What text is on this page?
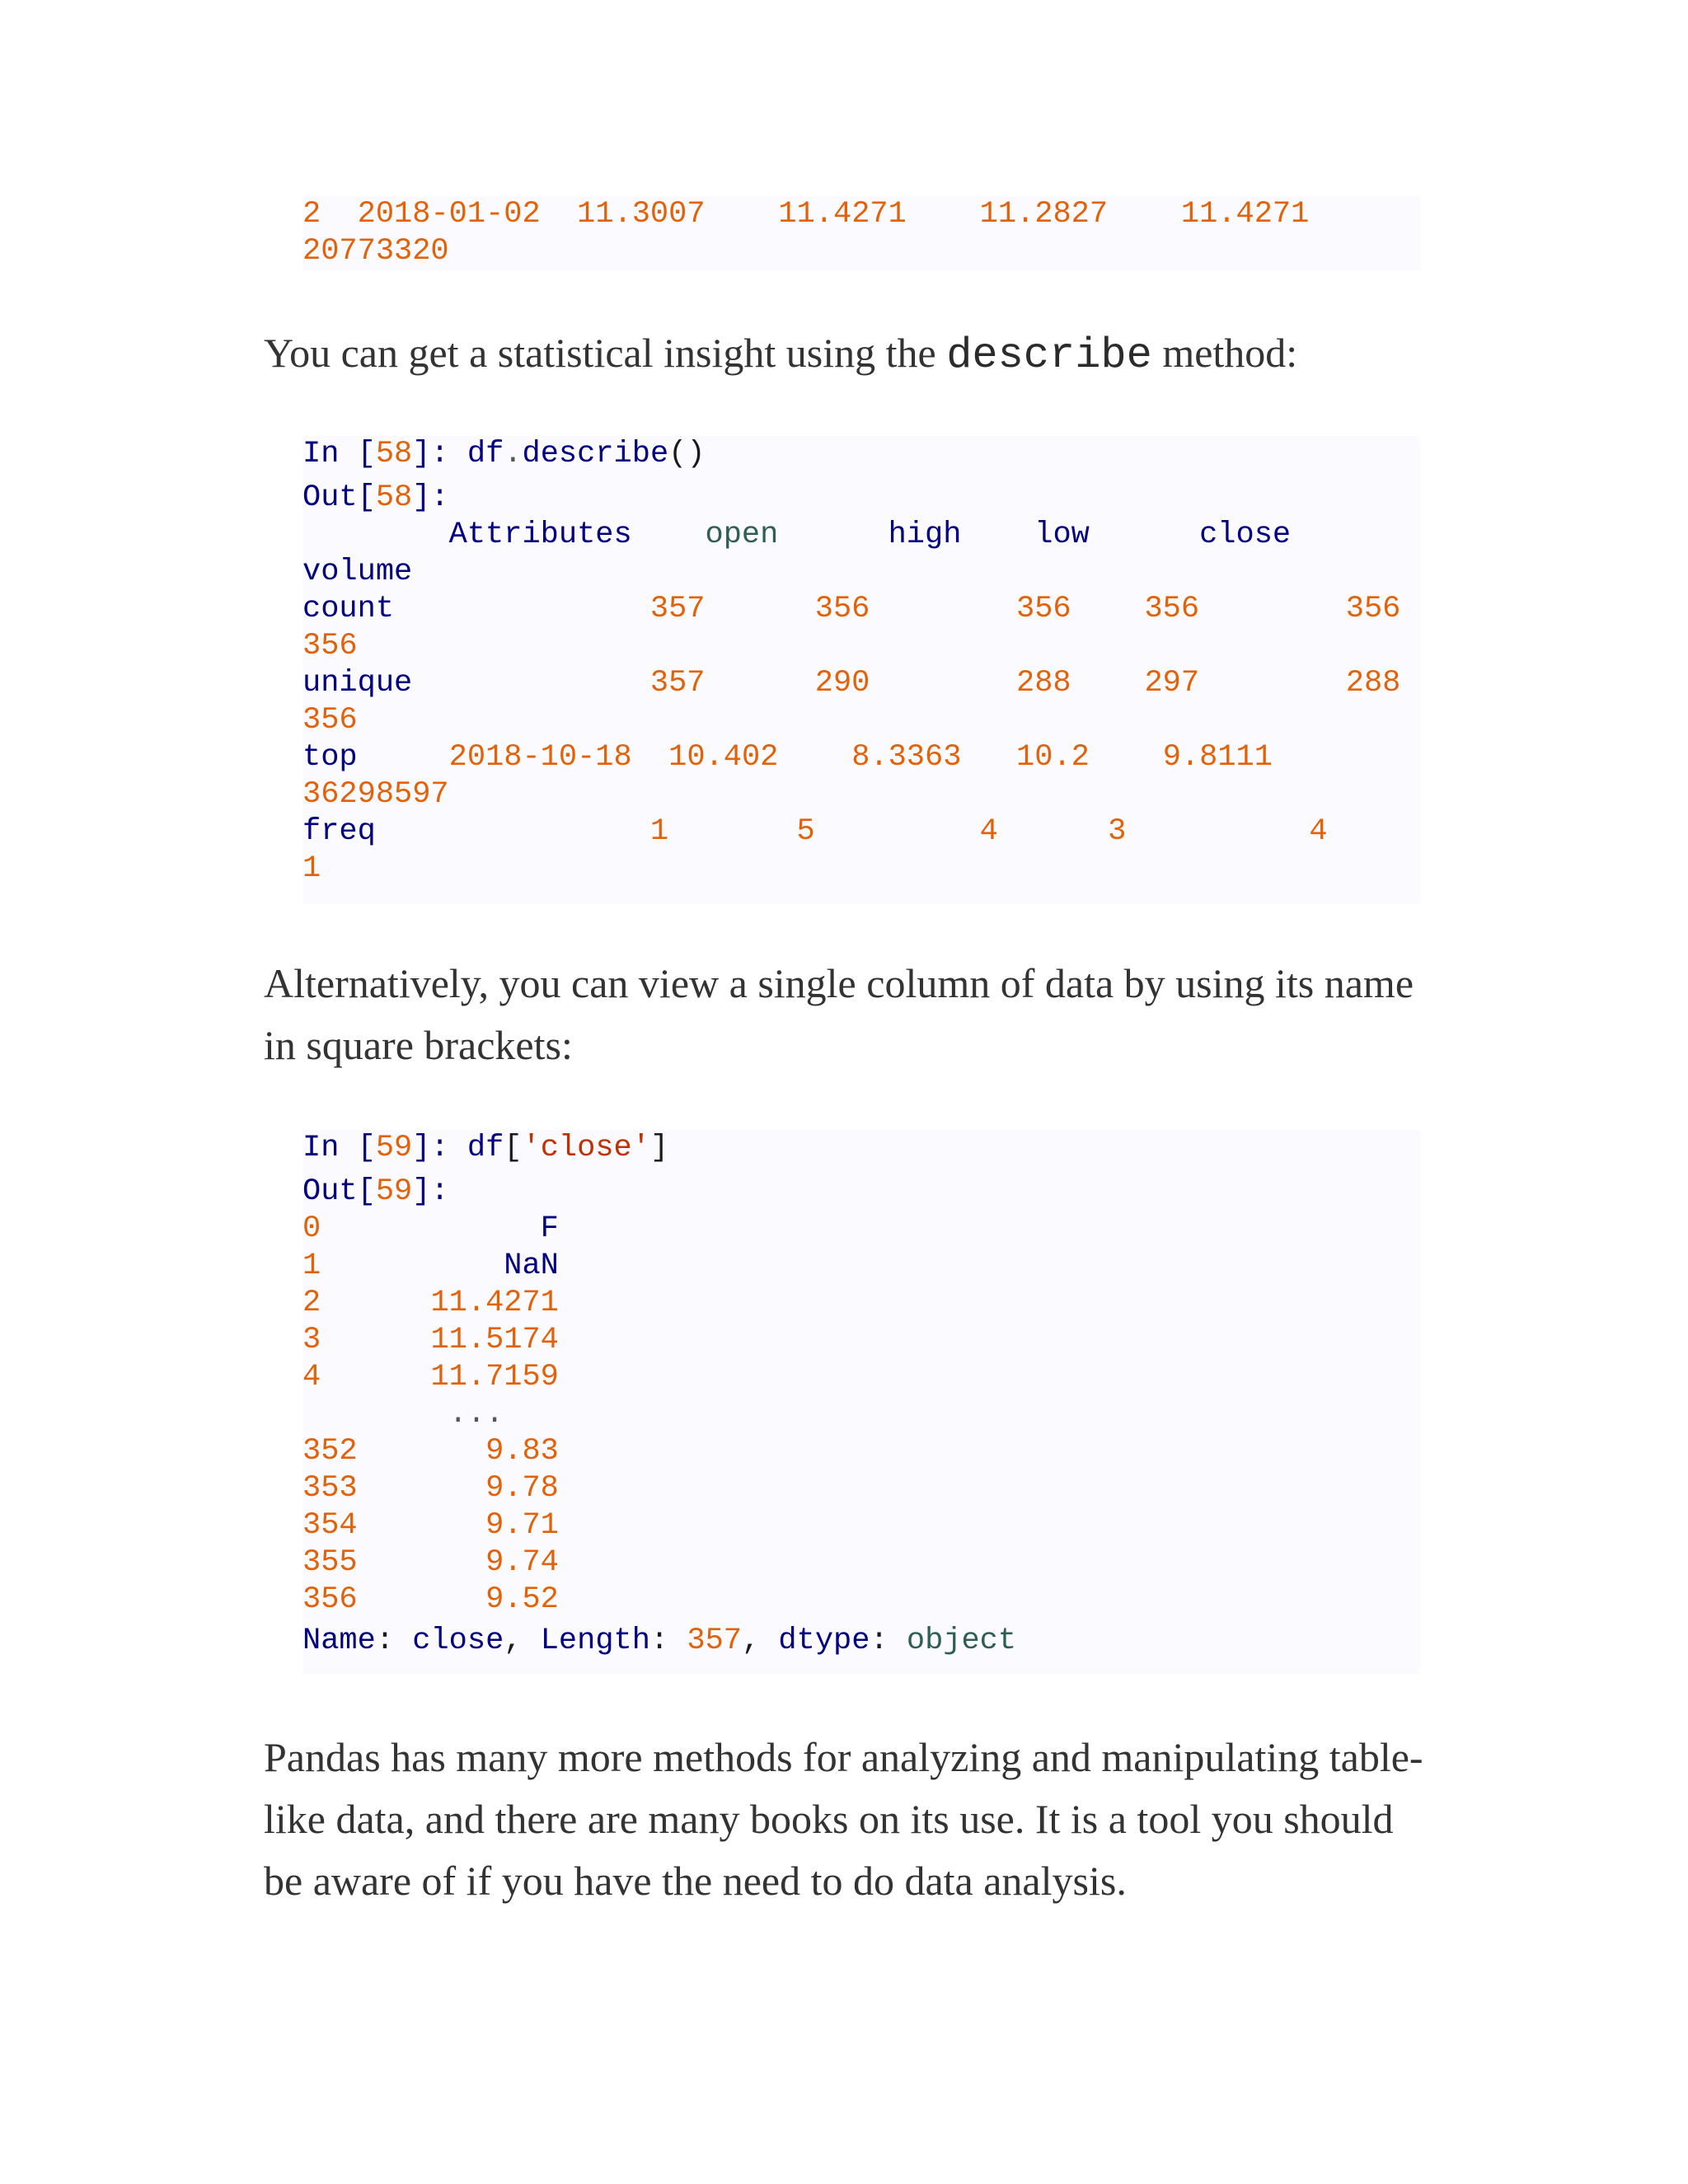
2 2018-01-02 11.3007 11.4271 11.2827 11.4271
20773320

You can get a statistical insight using the describe method:

In [58]: df.describe()
Out[58]:
Attributes open	high low	close
volume
count	357	356	356 356	356
356
unique	357	290	288 297	288
356
top	2018-10-18 10.402 8.3363 10.2 9.8111
36298597
freq	1	5	4	3	4
1

Alternatively, you can view a single column of data by using its name in square brackets:

In [59]: df['close']
Out[59]:
0	F
1	NaN
2	11.4271
3	11.5174
4	11.7159
...
352	9.83
353	9.78
354	9.71
355	9.74
356	9.52
Name: close, Length: 357, dtype: object

Pandas has many more methods for analyzing and manipulating table-like data, and there are many books on its use. It is a tool you should be aware of if you have the need to do data analysis.
